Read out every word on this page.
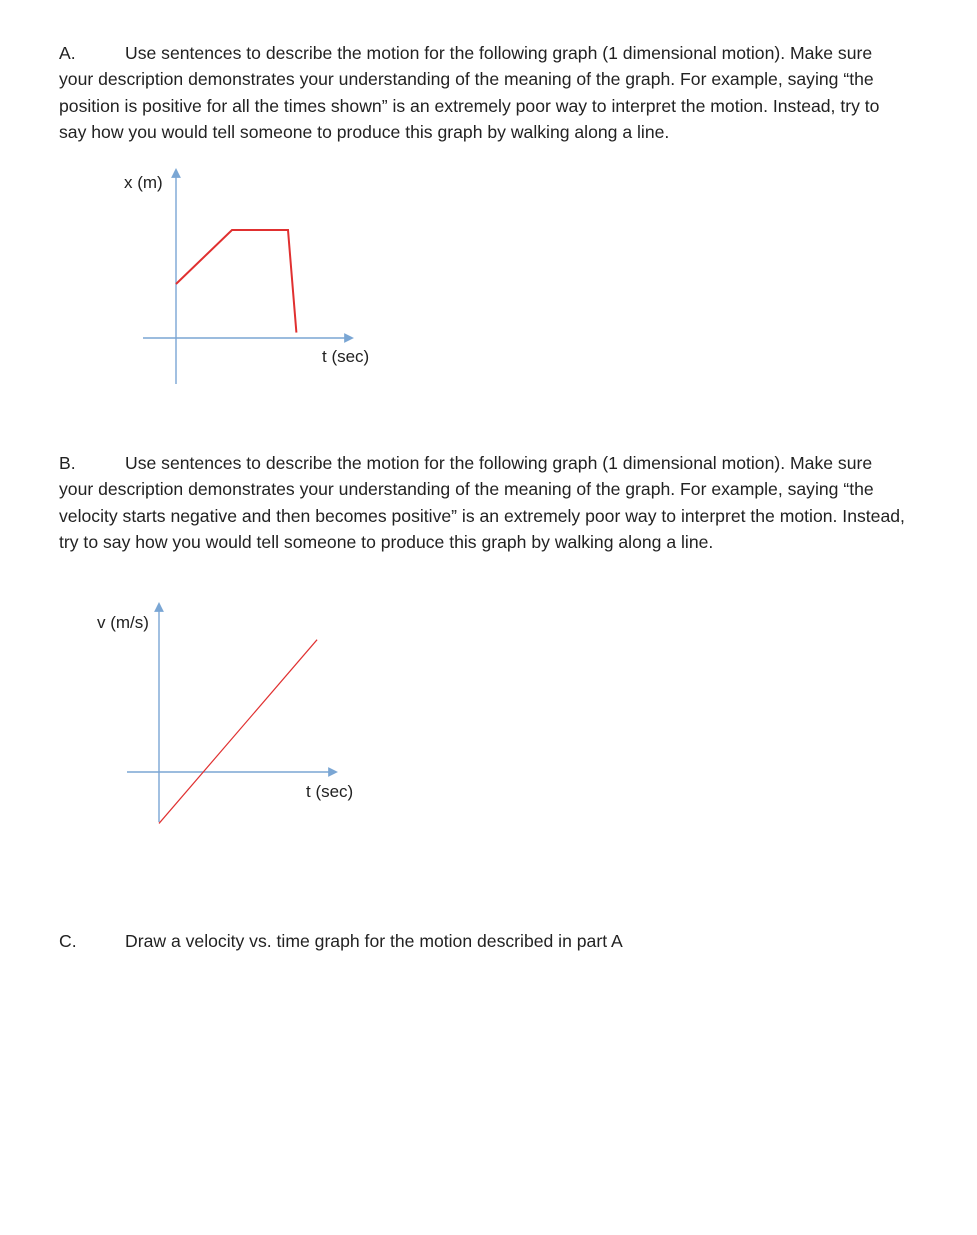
A.	Use sentences to describe the motion for the following graph (1 dimensional motion). Make sure your description demonstrates your understanding of the meaning of the graph. For example, saying “the position is positive for all the times shown” is an extremely poor way to interpret the motion. Instead, try to say how you would tell someone to produce this graph by walking along a line.
x (m)
t (sec)
B.	Use sentences to describe the motion for the following graph (1 dimensional motion). Make sure your description demonstrates your understanding of the meaning of the graph. For example, saying “the velocity starts negative and then becomes positive” is an extremely poor way to interpret the motion. Instead, try to say how you would tell someone to produce this graph by walking along a line.
v (m/s)
t (sec)
C.	Draw a velocity vs. time graph for the motion described in part A
